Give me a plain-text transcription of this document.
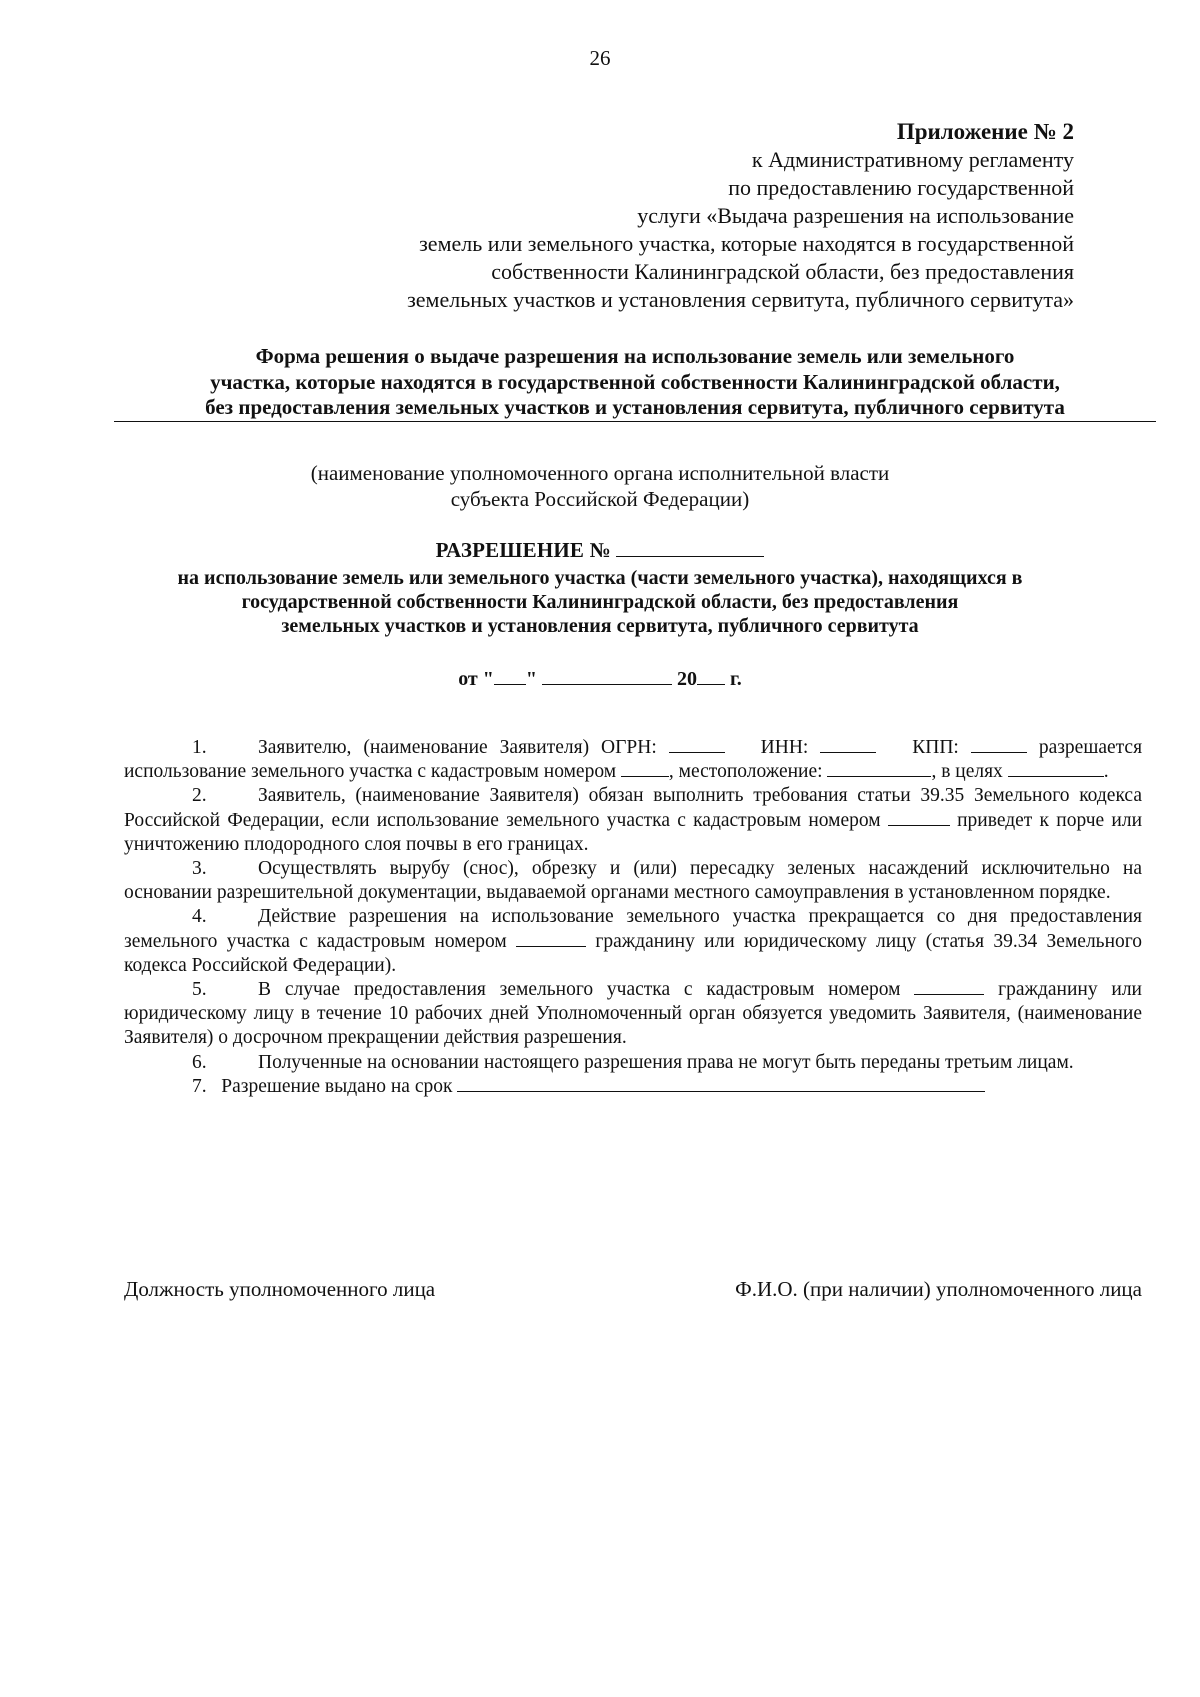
26
Приложение № 2
к Административному регламенту
по предоставлению государственной
услуги «Выдача разрешения на использование
земель или земельного участка, которые находятся в государственной
собственности Калининградской области, без предоставления
земельных участков и установления сервитута, публичного сервитута»
Форма решения о выдаче разрешения на использование земель или земельного
участка, которые находятся в государственной собственности Калининградской области,
без предоставления земельных участков и установления сервитута, публичного сервитута
(наименование уполномоченного органа исполнительной власти
субъекта Российской Федерации)
РАЗРЕШЕНИЕ №
на использование земель или земельного участка (части земельного участка), находящихся в
государственной собственности Калининградской области, без предоставления
земельных участков и установления сервитута, публичного сервитута
от " "	20 г.

1.	Заявителю, (наименование Заявителя) ОГРН:	ИНН:	КПП:	разрешается использование земельного участка с кадастровым номером	, местоположение:	, в целях	.

2.	Заявитель, (наименование Заявителя) обязан выполнить требования статьи 39.35 Земельного кодекса Российской Федерации, если использование земельного участка с кадастровым номером	приведет к порче или уничтожению плодородного слоя почвы в его границах.

3.	Осуществлять вырубу (снос), обрезку и (или) пересадку зеленых насаждений исключительно на основании разрешительной документации, выдаваемой органами местного самоуправления в установленном порядке.

4.	Действие разрешения на использование земельного участка прекращается со дня предоставления земельного участка с кадастровым номером	гражданину или юридическому лицу (статья 39.34 Земельного кодекса Российской Федерации).

5.	В случае предоставления земельного участка с кадастровым номером	гражданину или юридическому лицу в течение 10 рабочих дней Уполномоченный орган обязуется уведомить Заявителя, (наименование Заявителя) о досрочном прекращении действия разрешения.

6.	Полученные на основании настоящего разрешения права не могут быть переданы третьим лицам.

7. Разрешение выдано на срок

Должность уполномоченного лица	Ф.И.О. (при наличии) уполномоченного лица
